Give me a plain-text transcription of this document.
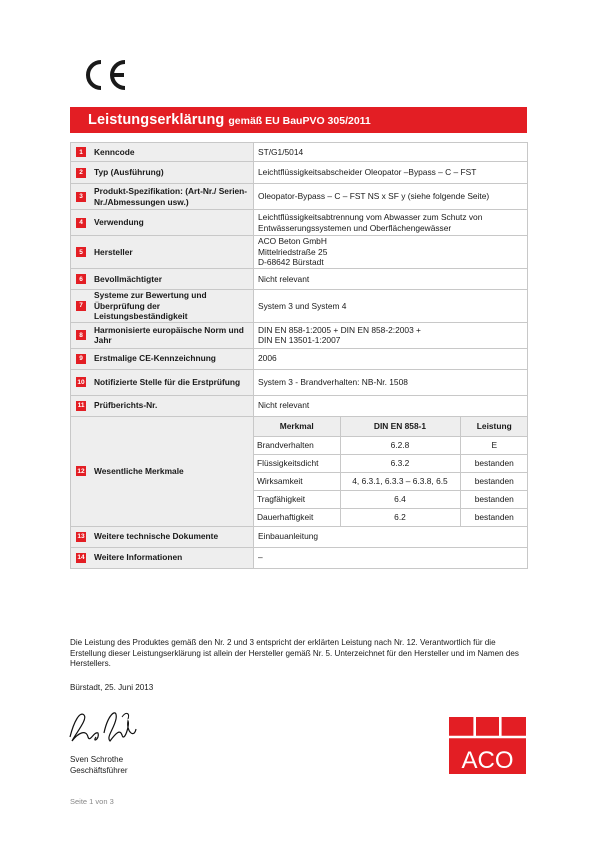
Leistungserklärung gemäß EU BauPVO 305/2011
1	Kenncode	ST/G1/5014

2	Typ (Ausführung)	Leichtflüssigkeitsabscheider Oleopator –Bypass – C – FST

3
Produkt-Spezifikation: (Art-Nr./ Serien-Nr./Abmessungen usw.)
	Oleopator-Bypass – C – FST NS x SF y (siehe folgende Seite)

4	Verwendung
	Leichtflüssigkeitsabtrennung vom Abwasser zum Schutz von Entwässerungssystemen und Oberflächengewässer

5	Hersteller
	ACO Beton GmbH
Mittelriedstraße 25
D-68642 Bürstadt

6	Bevollmächtigter	Nicht relevant

7
Systeme zur Bewertung und Überprüfung der Leistungsbeständigkeit
	System 3 und System 4

8
Harmonisierte europäische Norm und Jahr
	DIN EN 858-1:2005 + DIN EN 858-2:2003 +
DIN EN 13501-1:2007

9	Erstmalige CE-Kennzeichnung	2006

10 Notifizierte Stelle für die Erstprüfung	System 3 - Brandverhalten: NB-Nr. 1508

11 Prüfberichts-Nr.	Nicht relevant

12 Wesentliche Merkmale

Merkmal	DIN EN 858-1	Leistung
Brandverhalten	6.2.8	E
Flüssigkeitsdicht	6.3.2	bestanden
Wirksamkeit	4, 6.3.1, 6.3.3 – 6.3.8, 6.5	bestanden
Tragfähigkeit	6.4	bestanden
Dauerhaftigkeit	6.2	bestanden

13 Weitere technische Dokumente	Einbauanleitung

14 Weitere Informationen	–
Die Leistung des Produktes gemäß den Nr. 2 und 3 entspricht der erklärten Leistung nach Nr. 12. Verantwortlich für die Erstellung dieser Leistungserklärung ist allein der Hersteller gemäß Nr. 5. Unterzeichnet für den Hersteller und im Namen des Herstellers.
Bürstadt, 25. Juni 2013
Sven Schrothe
Geschäftsführer	ACO
Seite 1 von 3
